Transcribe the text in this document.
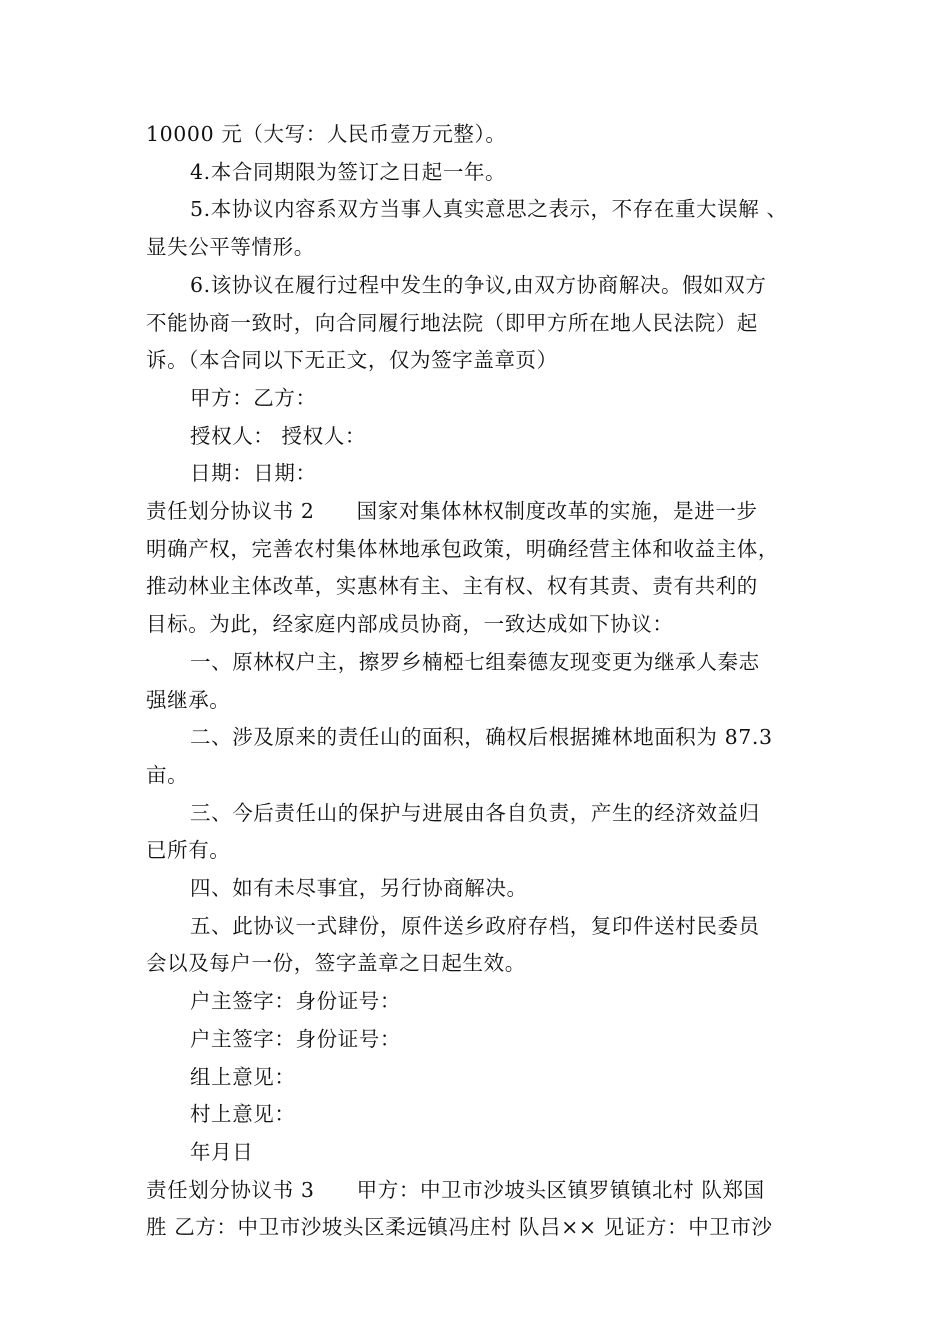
10000 元（大写：人民币壹万元整）。

4.本合同期限为签订之日起一年。

5.本协议内容系双方当事人真实意思之表示，不存在重大误解 、

显失公平等情形。

6.该协议在履行过程中发生的争议,由双方协商解决。假如双方

不能协商一致时，向合同履行地法院（即甲方所在地人民法院）起

诉。（本合同以下无正文，仅为签字盖章页）

甲方：乙方：

授权人： 授权人：

日期：日期：

责任划分协议书 2　　国家对集体林权制度改革的实施，是进一步

明确产权，完善农村集体林地承包政策，明确经营主体和收益主体，

推动林业主体改革，实惠林有主、主有权、权有其责、责有共利的

目标。为此，经家庭内部成员协商，一致达成如下协议：

一、原林权户主，擦罗乡楠椏七组秦德友现变更为继承人秦志

强继承。

二、涉及原来的责任山的面积，确权后根据摊林地面积为 87.3

亩。

三、今后责任山的保护与进展由各自负责，产生的经济效益归

已所有。

四、如有未尽事宜，另行协商解决。

五、此协议一式肆份，原件送乡政府存档，复印件送村民委员

会以及每户一份，签字盖章之日起生效。

户主签字：身份证号：

户主签字：身份证号：

组上意见：

村上意见：

年月日

责任划分协议书 3　　甲方：中卫市沙坡头区镇罗镇镇北村 队郑国

胜 乙方：中卫市沙坡头区柔远镇冯庄村 队吕×× 见证方：中卫市沙
